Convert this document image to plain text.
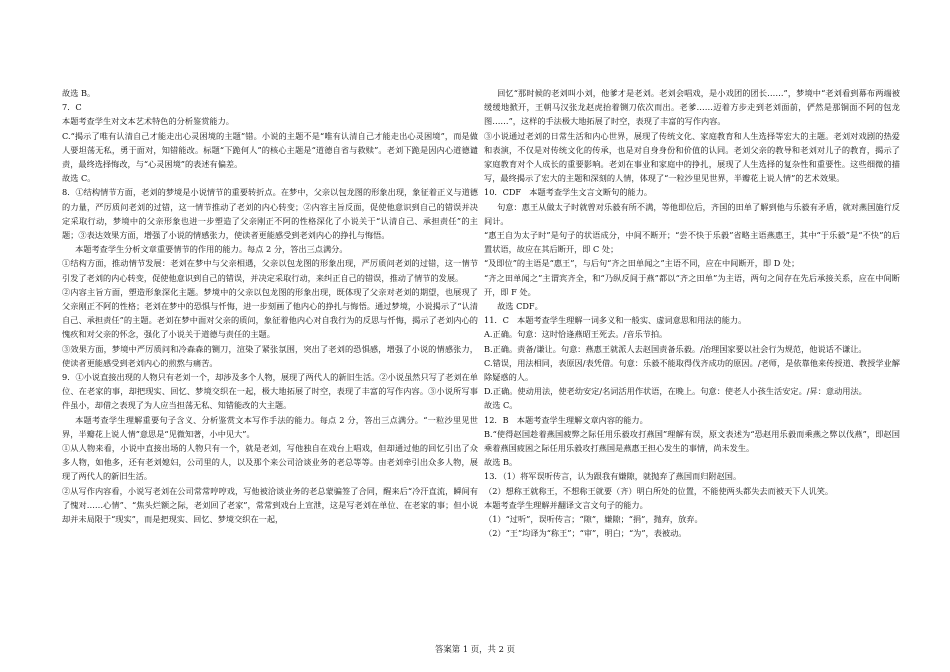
故选 B。

7．C

本题考查学生对文本艺术特色的分析鉴赏能力。

C.“揭示了唯有认清自己才能走出心灵困境的主题”错。小说的主题不是“唯有认清自己才能走出心灵困境”，而是做人要坦荡无私，勇于面对，知错能改。标题“下跪何人”的核心主题是“道德自省与救赎”。老刘下跪是因内心道德谴责，最终选择悔改，与“心灵困境”的表述有偏差。

故选 C。

8．①结构情节方面，老刘的梦境是小说情节的重要转折点。在梦中，父亲以包龙图的形象出现，象征着正义与道德的力量，严厉质问老刘的过错，这一情节推动了老刘的内心转变；②内容主旨反面，促使他意识到自己的错误并决定采取行动，梦境中的父亲形象也进一步塑造了父亲刚正不阿的性格深化了小说关于“认清自己、承担责任”的主题；③表达效果方面，增强了小说的情感张力，使读者更能感受到老刘内心的挣扎与悔悟。

本题考查学生分析文章重要情节的作用的能力。每点 2 分，答出三点满分。

①结构方面，推动情节发展：老刘在梦中与父亲相遇，父亲以包龙图的形象出现，严厉质问老刘的过错，这一情节引发了老刘的内心转变，促使他意识到自己的错误，并决定采取行动，来纠正自己的错误，推动了情节的发展。

②内容主旨方面，塑造形象深化主题。梦境中的父亲以包龙图的形象出现，既体现了父亲对老刘的期望，也展现了父亲刚正不阿的性格；老刘在梦中的恐惧与忏悔，进一步刻画了他内心的挣扎与悔悟。通过梦境，小说揭示了“认清自己、承担责任”的主题。老刘在梦中面对父亲的质问，象征着他内心对自我行为的反思与忏悔，揭示了老刘内心的愧疚和对父亲的怀念，强化了小说关于道德与责任的主题。

③效果方面，梦境中严厉质问和冷森森的铡刀，渲染了紧张氛围，突出了老刘的恐惧感，增强了小说的情感张力，使读者更能感受到老刘内心的煎熬与痛苦。

9．①小说直接出现的人物只有老刘一个，却涉及多个人物，展现了两代人的新旧生活。②小说虽然只写了老刘在单位、在老家的事，却把现实、回忆、梦境交织在一起，极大地拓展了时空，表现了丰富的写作内容。③小说所写事件虽小，却借之表现了为人应当担荡无私、知错能改的大主题。

本题考查学生理解重要句子含义、分析鉴赏文本写作手法的能力。每点 2 分，答出三点满分。“一粒沙里见世界，半瓣花上说人情”意思是“见微知著，小中见大”。

①从人物来看，小说中直接出场的人物只有一个，就是老刘，写他独自在戏台上唱戏，但却通过他的回忆引出了众多人物，如他多，还有老刘媳妇，公司里的人，以及那个来公司洽谈业务的老总等等。由老刘牵引出众多人物，展现了两代人的新旧生活。

②从写作内容看，小说写老刘在公司常常哼哼戏，写他被洽谈业务的老总蒙骗签了合同，醒来后“冷汗直流，瞬间有了愧对……心情”、“焦头烂额之际，老刘回了老家”，常常到戏台上宣泄，这是写老刘在单位、在老家的事；但小说却并未局限于“现实”，而是把现实、回忆、梦境交织在一起，

回忆“那时候的老刘叫小刘，他爹才是老刘。老刘会唱戏，是小戏团的团长……”，梦境中“老刘看到幕布两端被缓缓地掀开，王朝马汉张龙赵虎抬着铡刀依次而出。老爹……迈着方步走到老刘面前，俨然是那铜面不阿的包龙图……”，这样的手法极大地拓展了时空，表现了丰富的写作内容。

③小说通过老刘的日常生活和内心世界，展现了传统文化、家庭教育和人生选择等宏大的主题。老刘对戏剧的热爱和表演，不仅是对传统文化的传承，也是对自身身份和价值的认同。老刘父亲的教导和老刘对儿子的教育，揭示了家庭教育对个人成长的重要影响。老刘在事业和家庭中的挣扎，展现了人生选择的复杂性和重要性。这些细微的描写，最终揭示了宏大的主题和深刻的人情，体现了“一粒沙里见世界，半瓣花上说人情”的艺术效果。

10．CDF　本题考查学生文言文断句的能力。

句意：惠王从做太子时就曾对乐毅有所不满，等他即位后，齐国的田单了解到他与乐毅有矛盾，就对燕国施行反间计。

“惠王自为太子时”是句子的状语成分，中间不断开；“尝不快于乐毅”省略主语燕惠王，其中“于乐毅”是“不快”的后置状语，故应在其后断开，即 C 处；

“及即位”的主语是“惠王”，与后句“齐之田单闻之”主语不同，应在中间断开，即 D 处；

“齐之田单闻之”主谓宾齐全，和“乃纵反间于燕”都以“齐之田单”为主语，两句之间存在先后承接关系，应在中间断开，即 F 处。

故选 CDF。

11．C　本题考查学生理解一词多义和一般实、虚词意思和用法的能力。

A.正确。句意：这时恰逢燕昭王死去。/音乐节拍。

B.正确。责备/谦让。句意：燕惠王就派人去赵国责备乐毅。/治理国家要以社会行为规范，他说话不谦让。

C.错误，用法相同，表原因/表凭借。句意：乐毅不能取得伐齐成功的原因。/老师，是依靠他来传授道、教授学业解除疑惑的人。

D.正确。使动用法，使老幼安定/名词活用作状语，在晚上。句意：使老人小孩生活安定。/昇：意动用法。

故选 C。

12．B　本题考查学生理解文章内容的能力。

B.“使得赵国趁着燕国疲弊之际任用乐毅攻打燕国”理解有误，原文表述为“恐赵用乐毅而乘燕之弊以伐燕”，即赵国乘着燕国疲困之际任用乐毅攻打燕国是燕惠王担心发生的事情，尚未发生。

故选 B。

13．（1）将军误听传言，认为跟我有嫌隙，就抛弃了燕国而归附赵国。

（2）想称王就称王，不想称王就要（齐）明白所处的位置，不能使两头都失去而被天下人讥笑。

本题考查学生理解并翻译文言文句子的能力。

（1）“过听”，误听传言；“隙”，嫌隙；“捐”，抛弃，放弃。

（2）“王”均译为“称王”；“审”，明白；“为”，表被动。

答案第 1 页，共 2 页
